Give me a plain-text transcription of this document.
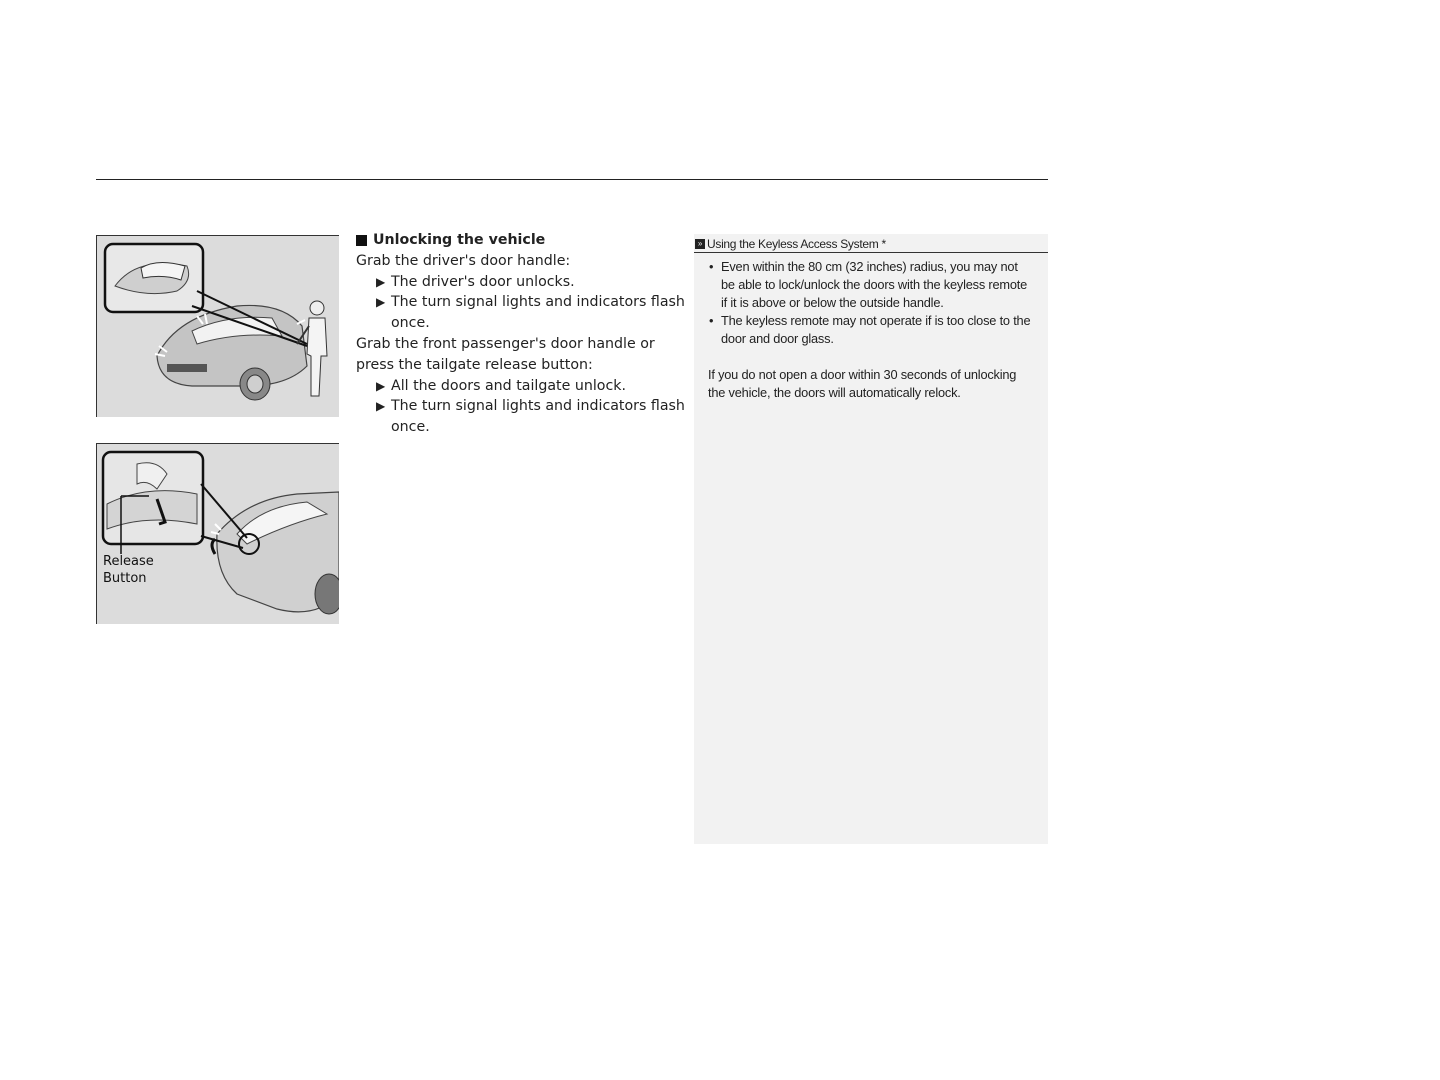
Release
Button
Unlocking the vehicle

Grab the driver's door handle:

▶ The driver's door unlocks.

▶ The turn signal lights and indicators flash once.

Grab the front passenger's door handle or press the tailgate release button:

▶ All the doors and tailgate unlock.

▶ The turn signal lights and indicators flash once.

» Using the Keyless Access System
*

• Even within the 80 cm (32 inches) radius, you may not be able to lock/unlock the doors with the keyless remote if it is above or below the outside handle.

• The keyless remote may not operate if is too close to the door and door glass.

If you do not open a door within 30 seconds of unlocking the vehicle, the doors will automatically relock.
